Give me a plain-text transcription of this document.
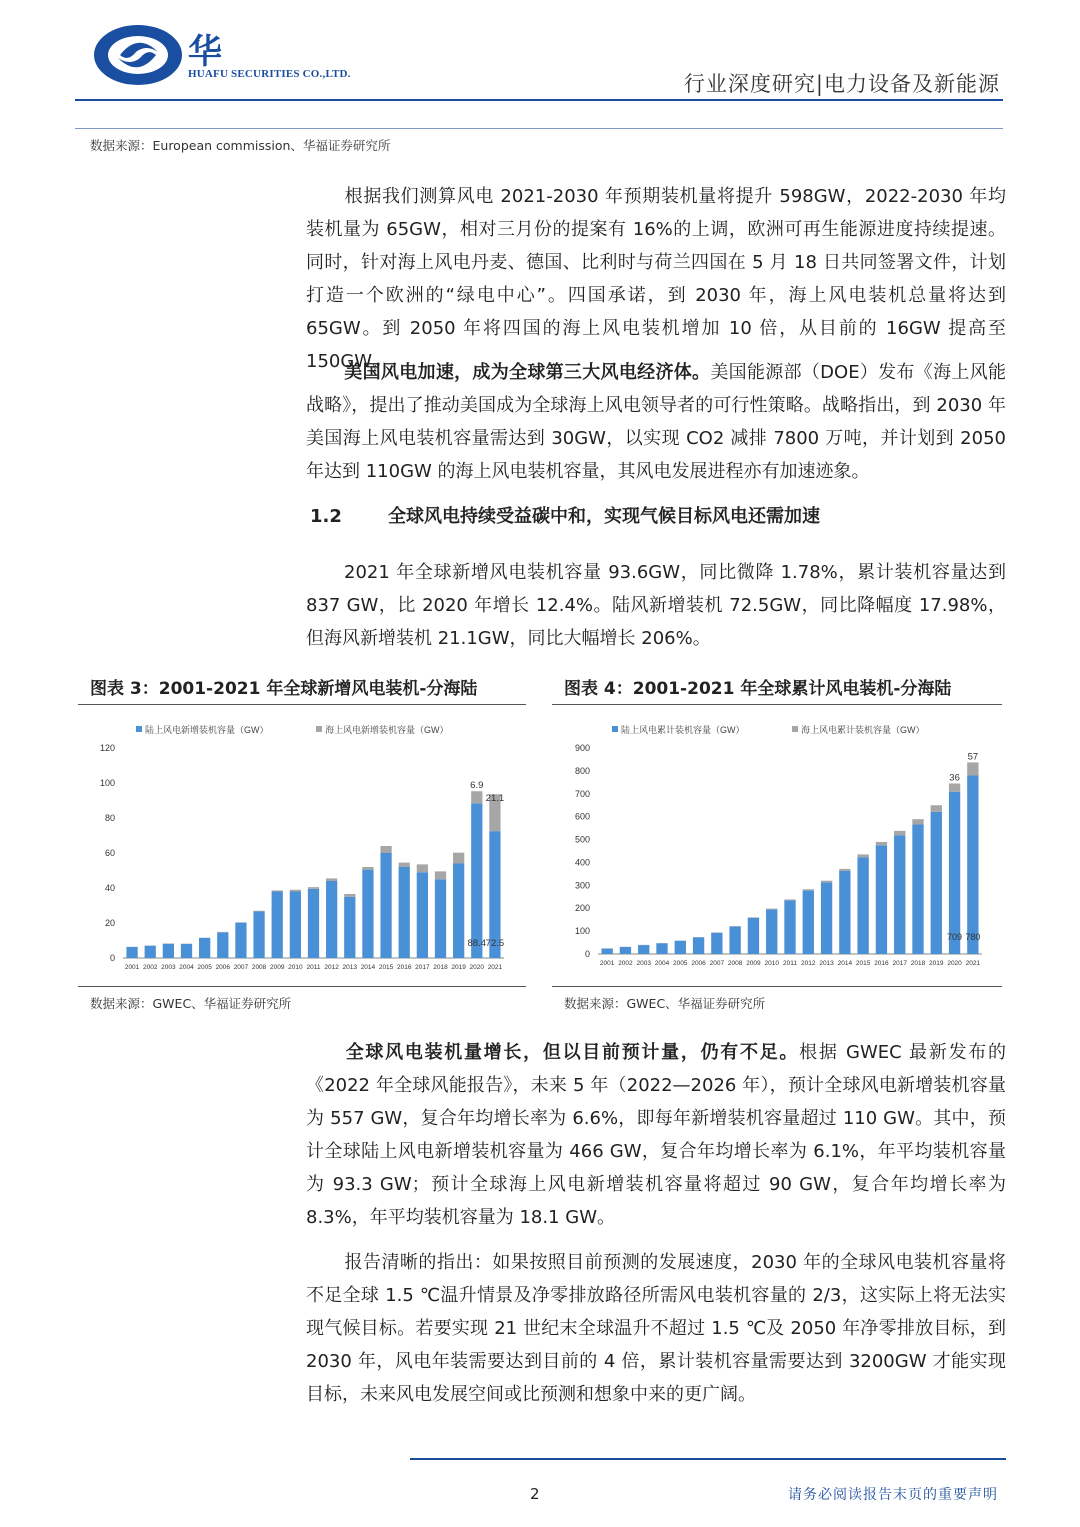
华
HUAFU SECURITIES CO.,LTD.	行业深度研究|电力设备及新能源
数据来源：European commission、华福证券研究所

根据我们测算风电 2021-2030 年预期装机量将提升 598GW，2022-2030 年均装机量为 65GW，相对三月份的提案有 16%的上调，欧洲可再生能源进度持续提速。同时，针对海上风电丹麦、德国、比利时与荷兰四国在 5 月 18 日共同签署文件，计划打造一个欧洲的“绿电中心”。四国承诺，到 2030 年，海上风电装机总量将达到 65GW。到 2050 年将四国的海上风电装机增加 10 倍，从目前的 16GW 提高至 150GW。

美国风电加速，成为全球第三大风电经济体。美国能源部（DOE）发布《海上风能战略》，提出了推动美国成为全球海上风电领导者的可行性策略。战略指出，到 2030 年美国海上风电装机容量需达到 30GW，以实现 CO2 减排 7800 万吨，并计划到 2050 年达到 110GW 的海上风电装机容量，其风电发展进程亦有加速迹象。

1.2	全球风电持续受益碳中和，实现气候目标风电还需加速

2021 年全球新增风电装机容量 93.6GW，同比微降 1.78%，累计装机容量达到 837 GW，比 2020 年增长 12.4%。陆风新增装机 72.5GW，同比降幅度 17.98%，但海风新增装机 21.1GW，同比大幅增长 206%。

图表 3：2001-2021 年全球新增风电装机-分海陆	图表 4：2001-2021 年全球累计风电装机-分海陆
陆上风电新增装机容量（GW）	海上风电新增装机容量（GW）
0
20
40
60
80
100
120
2001 2002 2003 2004 2005 2006 2007 2008 2009 2010 2011 2012 2013 2014 2015 2016 2017 2018 2019 2020 2021
6.9
21.1
88.4 72.5
陆上风电累计装机容量（GW）	海上风电累计装机容量（GW）
0
100
200
300
400
500
600
700
800
900
2001 2002 2003 2004 2005 2006 2007 2008 2009 2010 2011 2012 2013 2014 2015 2016 2017 2018 2019 2020 2021
36
57
709 780
数据来源：GWEC、华福证券研究所	数据来源：GWEC、华福证券研究所

全球风电装机量增长，但以目前预计量，仍有不足。根据 GWEC 最新发布的《2022 年全球风能报告》，未来 5 年（2022—2026 年），预计全球风电新增装机容量为 557 GW，复合年均增长率为 6.6%，即每年新增装机容量超过 110 GW。其中，预计全球陆上风电新增装机容量为 466 GW，复合年均增长率为 6.1%，年平均装机容量为 93.3 GW；预计全球海上风电新增装机容量将超过 90 GW，复合年均增长率为 8.3%，年平均装机容量为 18.1 GW。

报告清晰的指出：如果按照目前预测的发展速度，2030 年的全球风电装机容量将不足全球 1.5 ℃温升情景及净零排放路径所需风电装机容量的 2/3，这实际上将无法实现气候目标。若要实现 21 世纪末全球温升不超过 1.5 ℃及 2050 年净零排放目标，到 2030 年，风电年装需要达到目前的 4 倍，累计装机容量需要达到 3200GW 才能实现目标，未来风电发展空间或比预测和想象中来的更广阔。

2	请务必阅读报告末页的重要声明
